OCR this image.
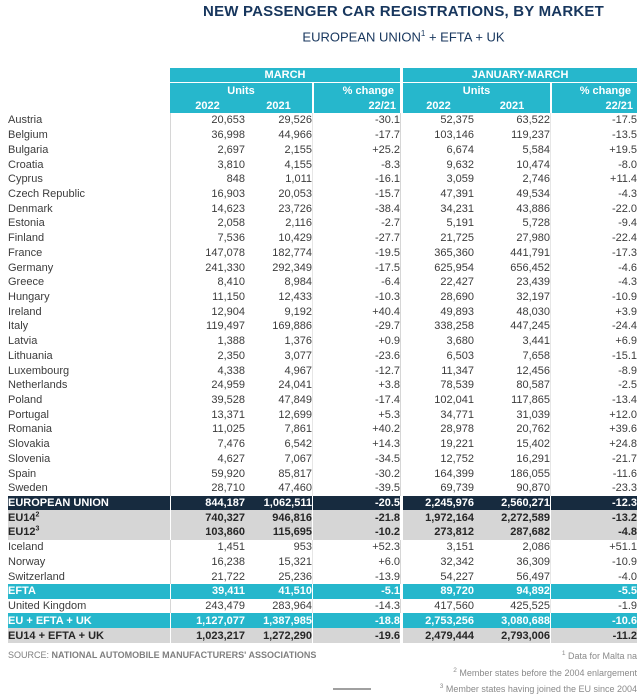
NEW PASSENGER CAR REGISTRATIONS, BY MARKET
EUROPEAN $UNION^1$ + EFTA + UK
	MARCH			JANUARY-MARCH		
	Units		% change	Units		% change
	2022	2021	22/21	2022	2021	22/21
Austria	20,653	29,526	-30.1	52,375	63,522	-17.5
Belgium	36,998	44,966	-17.7	103,146	119,237	-13.5
Bulgaria	2,697	2,155	+25.2	6,674	5,584	+19.5
Croatia	3,810	4,155	-8.3	9,632	10,474	-8.0
Cyprus	848	1,011	-16.1	3,059	2,746	+11.4
Czech Republic	16,903	20,053	-15.7	47,391	49,534	-4.3
Denmark	14,623	23,726	-38.4	34,231	43,886	-22.0
Estonia	2,058	2,116	-2.7	5,191	5,728	-9.4
Finland	7,536	10,429	-27.7	21,725	27,980	-22.4
France	147,078	182,774	-19.5	365,360	441,791	-17.3
Germany	241,330	292,349	-17.5	625,954	656,452	-4.6
Greece	8,410	8,984	-6.4	22,427	23,439	-4.3
Hungary	11,150	12,433	-10.3	28,690	32,197	-10.9
Ireland	12,904	9,192	+40.4	49,893	48,030	+3.9
Italy	119,497	169,886	-29.7	338,258	447,245	-24.4
Latvia	1,388	1,376	+0.9	3,680	3,441	+6.9
Lithuania	2,350	3,077	-23.6	6,503	7,658	-15.1
Luxembourg	4,338	4,967	-12.7	11,347	12,456	-8.9
Netherlands	24,959	24,041	+3.8	78,539	80,587	-2.5
Poland	39,528	47,849	-17.4	102,041	117,865	-13.4
Portugal	13,371	12,699	+5.3	34,771	31,039	+12.0
Romania	11,025	7,861	+40.2	28,978	20,762	+39.6
Slovakia	7,476	6,542	+14.3	19,221	15,402	+24.8
Slovenia	4,627	7,067	-34.5	12,752	16,291	-21.7
Spain	59,920	85,817	-30.2	164,399	186,055	-11.6
Sweden	28,710	47,460	-39.5	69,739	90,870	-23.3
EUROPEAN UNION	844,187	1,062,511	-20.5	2,245,976	2,560,271	-12.3
$EU14^2$	740,327	946,816	-21.8	1,972,164	2,272,589	-13.2
$EU12^3$	103,860	115,695	-10.2	273,812	287,682	-4.8
Iceland	1,451	953	+52.3	3,151	2,086	+51.1
Norway	16,238	15,321	+6.0	32,342	36,309	-10.9
Switzerland	21,722	25,236	-13.9	54,227	56,497	-4.0
EFTA	39,411	41,510	-5.1	89,720	94,892	-5.5
United Kingdom	243,479	283,964	-14.3	417,560	425,525	-1.9
EU + EFTA + UK	1,127,077	1,387,985	-18.8	2,753,256	3,080,688	-10.6
EU14 + EFTA + UK	1,023,217	1,272,290	-19.6	2,479,444	2,793,006	-11.2
SOURCE: NATIONAL AUTOMOBILE MANUFACTURERS' ASSOCIATIONS	$^1$ Data for Malta na
$^2$ Member states before the 2004 enlargement
$^3$ Member states having joined the EU since 2004
